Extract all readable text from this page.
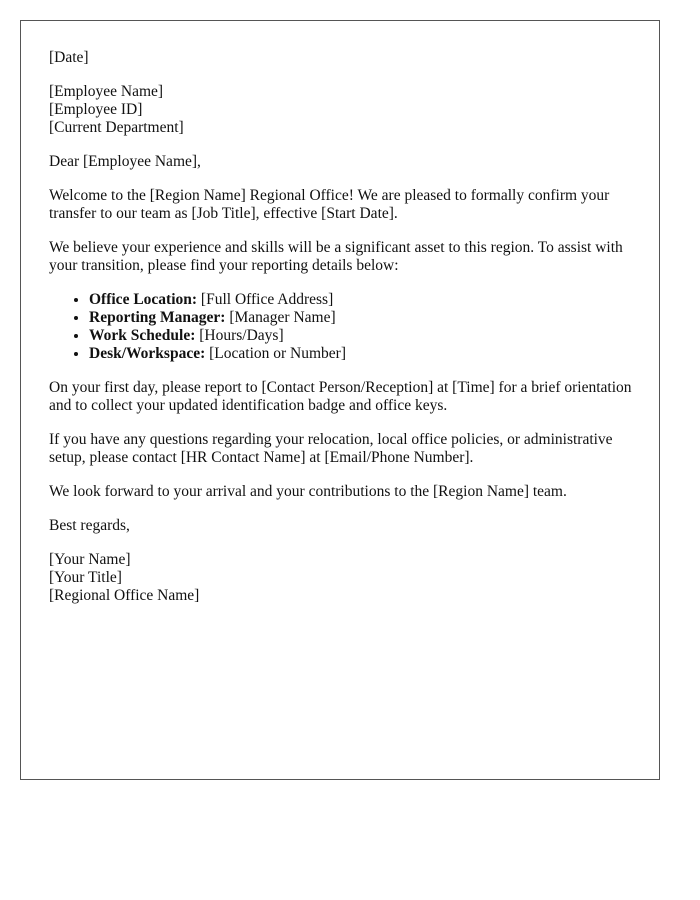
[Date]
[Employee Name]
[Employee ID]
[Current Department]

Dear [Employee Name],

Welcome to the [Region Name] Regional Office! We are pleased to formally confirm your transfer to our team as [Job Title], effective [Start Date].

We believe your experience and skills will be a significant asset to this region. To assist with your transition, please find your reporting details below:

• Office Location: [Full Office Address]
• Reporting Manager: [Manager Name]
• Work Schedule: [Hours/Days]
• Desk/Workspace: [Location or Number]

On your first day, please report to [Contact Person/Reception] at [Time] for a brief orientation and to collect your updated identification badge and office keys.

If you have any questions regarding your relocation, local office policies, or administrative setup, please contact [HR Contact Name] at [Email/Phone Number].

We look forward to your arrival and your contributions to the [Region Name] team.

Best regards,

[Your Name]
[Your Title]
[Regional Office Name]
